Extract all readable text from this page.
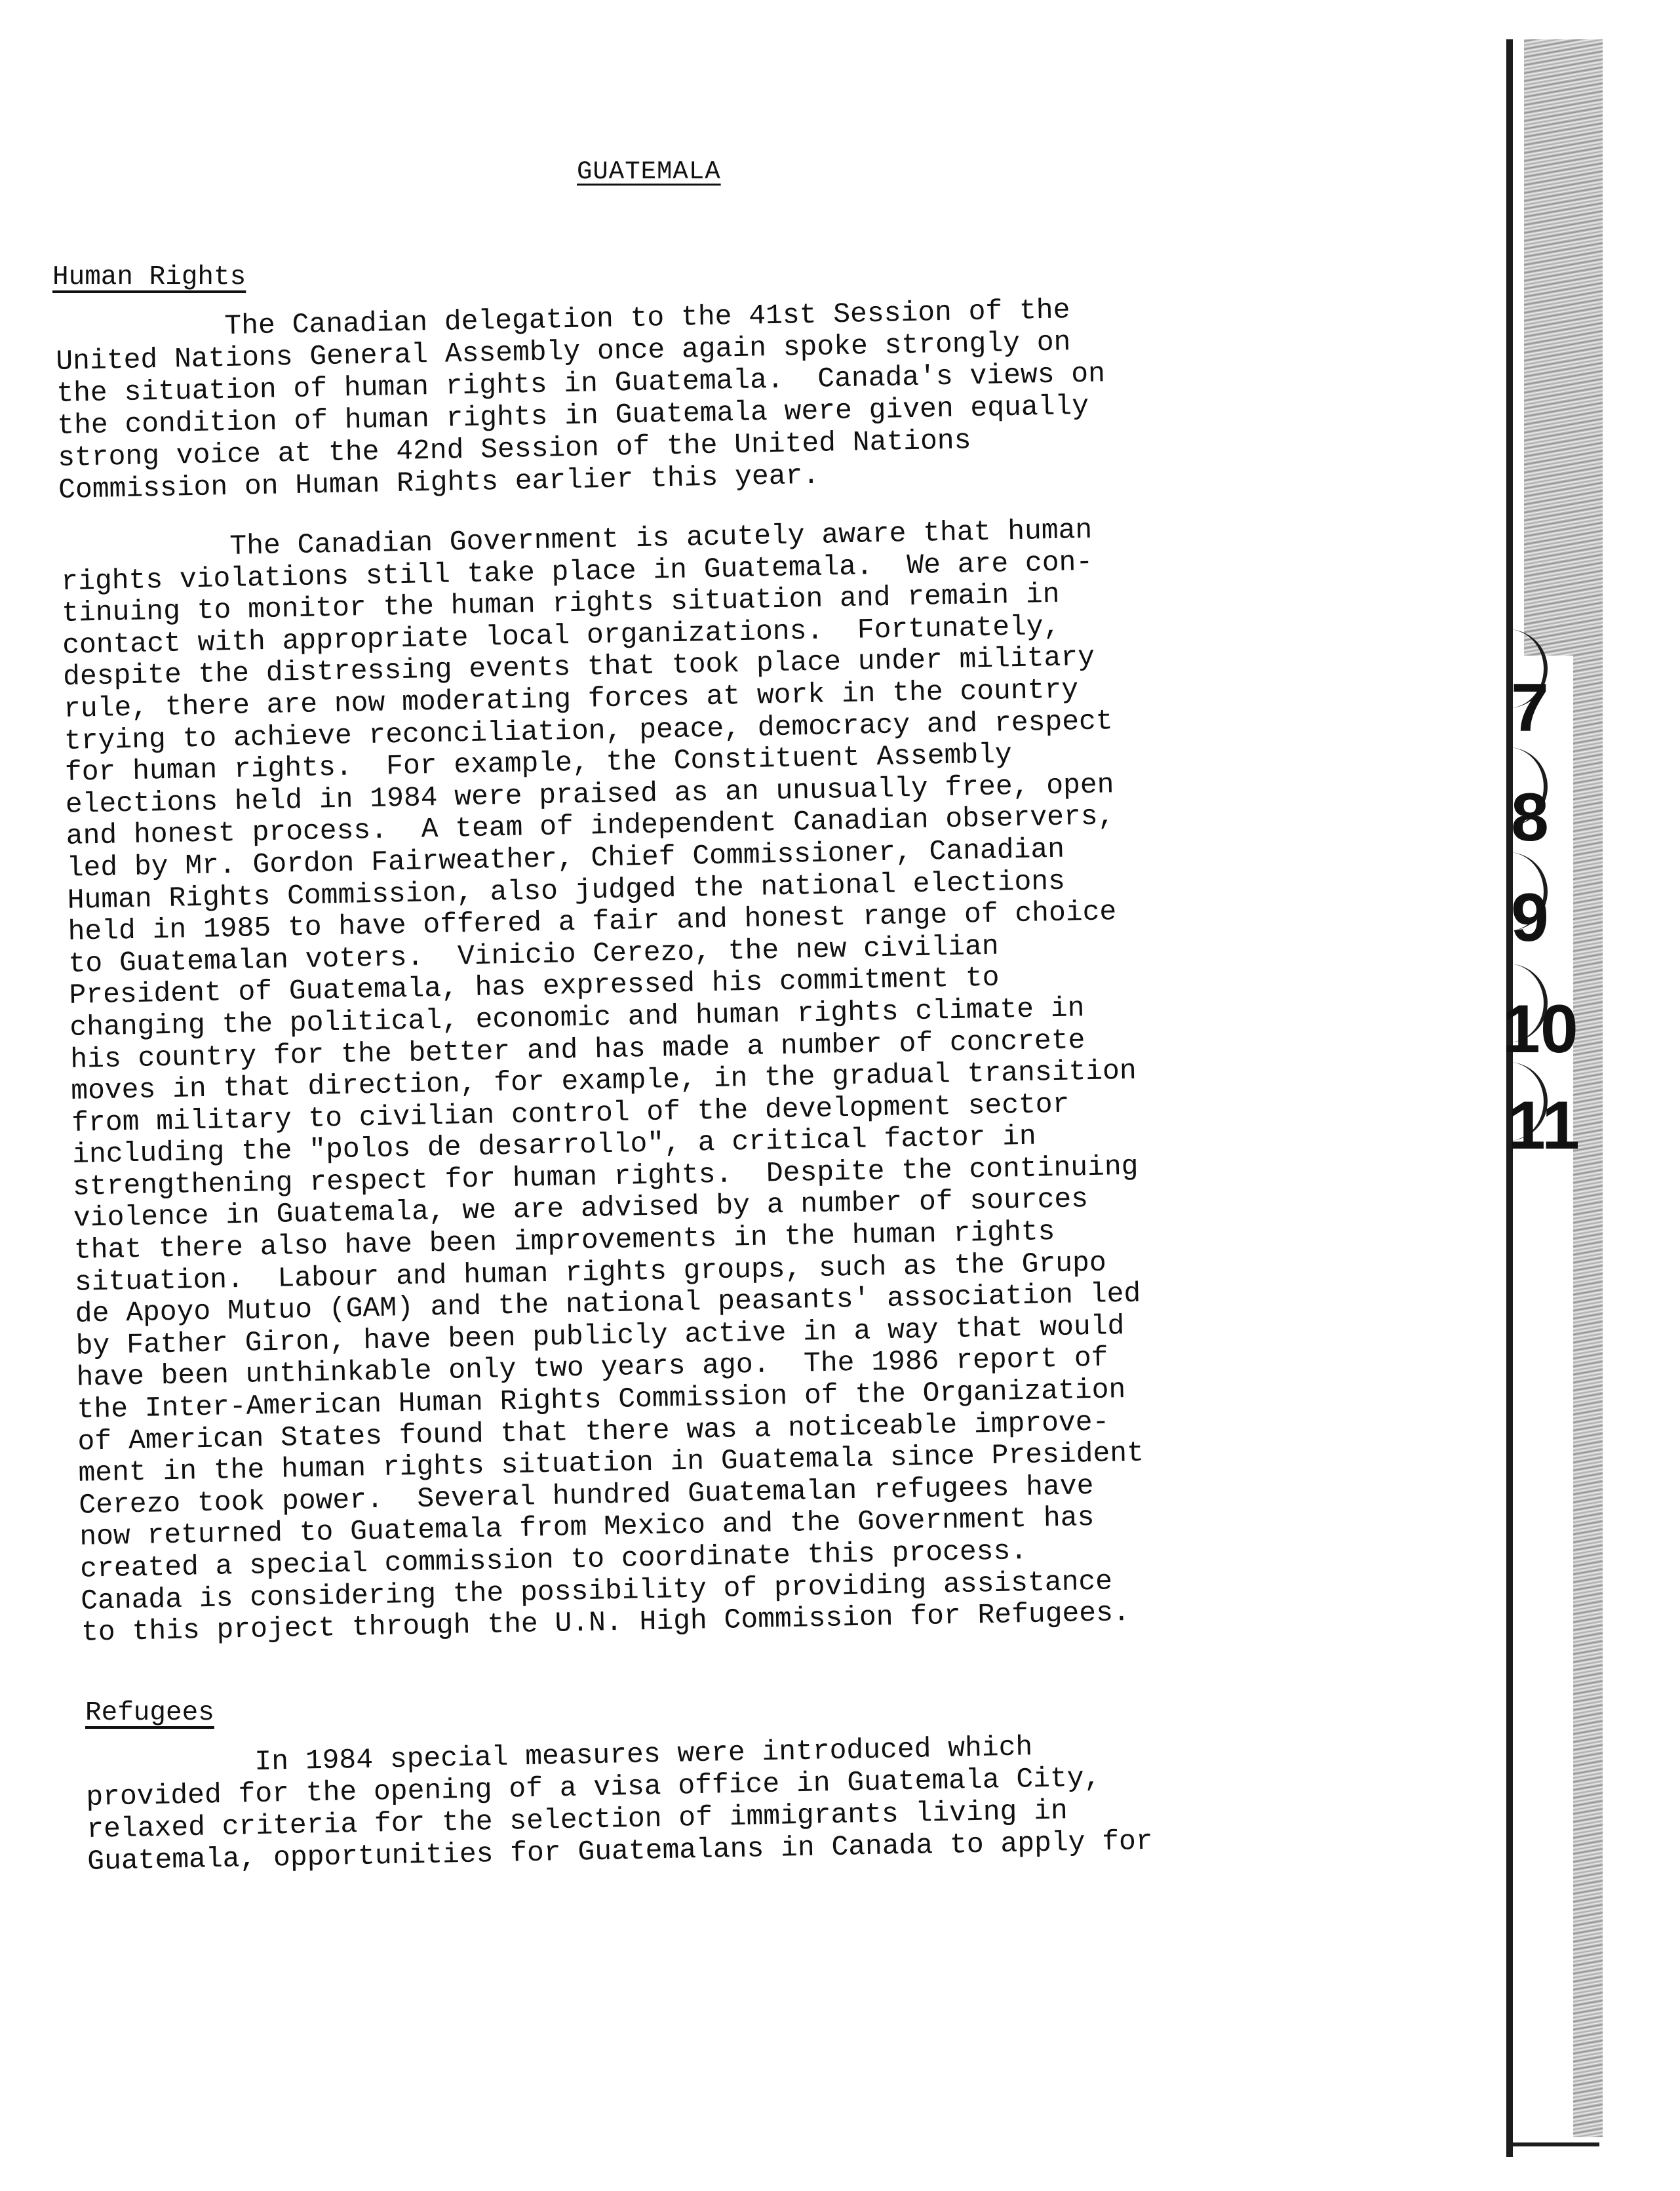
GUATEMALA
Human Rights

The Canadian delegation to the 41st Session of the
United Nations General Assembly once again spoke strongly on
the situation of human rights in Guatemala.  Canada's views on
the condition of human rights in Guatemala were given equally
strong voice at the 42nd Session of the United Nations
Commission on Human Rights earlier this year.

The Canadian Government is acutely aware that human
rights violations still take place in Guatemala.  We are con-
tinuing to monitor the human rights situation and remain in
contact with appropriate local organizations.  Fortunately,
despite the distressing events that took place under military
rule, there are now moderating forces at work in the country
trying to achieve reconciliation, peace, democracy and respect
for human rights.  For example, the Constituent Assembly
elections held in 1984 were praised as an unusually free, open
and honest process.  A team of independent Canadian observers,
led by Mr. Gordon Fairweather, Chief Commissioner, Canadian
Human Rights Commission, also judged the national elections
held in 1985 to have offered a fair and honest range of choice
to Guatemalan voters.  Vinicio Cerezo, the new civilian
President of Guatemala, has expressed his commitment to
changing the political, economic and human rights climate in
his country for the better and has made a number of concrete
moves in that direction, for example, in the gradual transition
from military to civilian control of the development sector
including the "polos de desarrollo", a critical factor in
strengthening respect for human rights.  Despite the continuing
violence in Guatemala, we are advised by a number of sources
that there also have been improvements in the human rights
situation.  Labour and human rights groups, such as the Grupo
de Apoyo Mutuo (GAM) and the national peasants' association led
by Father Giron, have been publicly active in a way that would
have been unthinkable only two years ago.  The 1986 report of
the Inter-American Human Rights Commission of the Organization
of American States found that there was a noticeable improve-
ment in the human rights situation in Guatemala since President
Cerezo took power.  Several hundred Guatemalan refugees have
now returned to Guatemala from Mexico and the Government has
created a special commission to coordinate this process.
Canada is considering the possibility of providing assistance
to this project through the U.N. High Commission for Refugees.

Refugees

In 1984 special measures were introduced which
provided for the opening of a visa office in Guatemala City,
relaxed criteria for the selection of immigrants living in
Guatemala, opportunities for Guatemalans in Canada to apply for

7
8
9
10
11
